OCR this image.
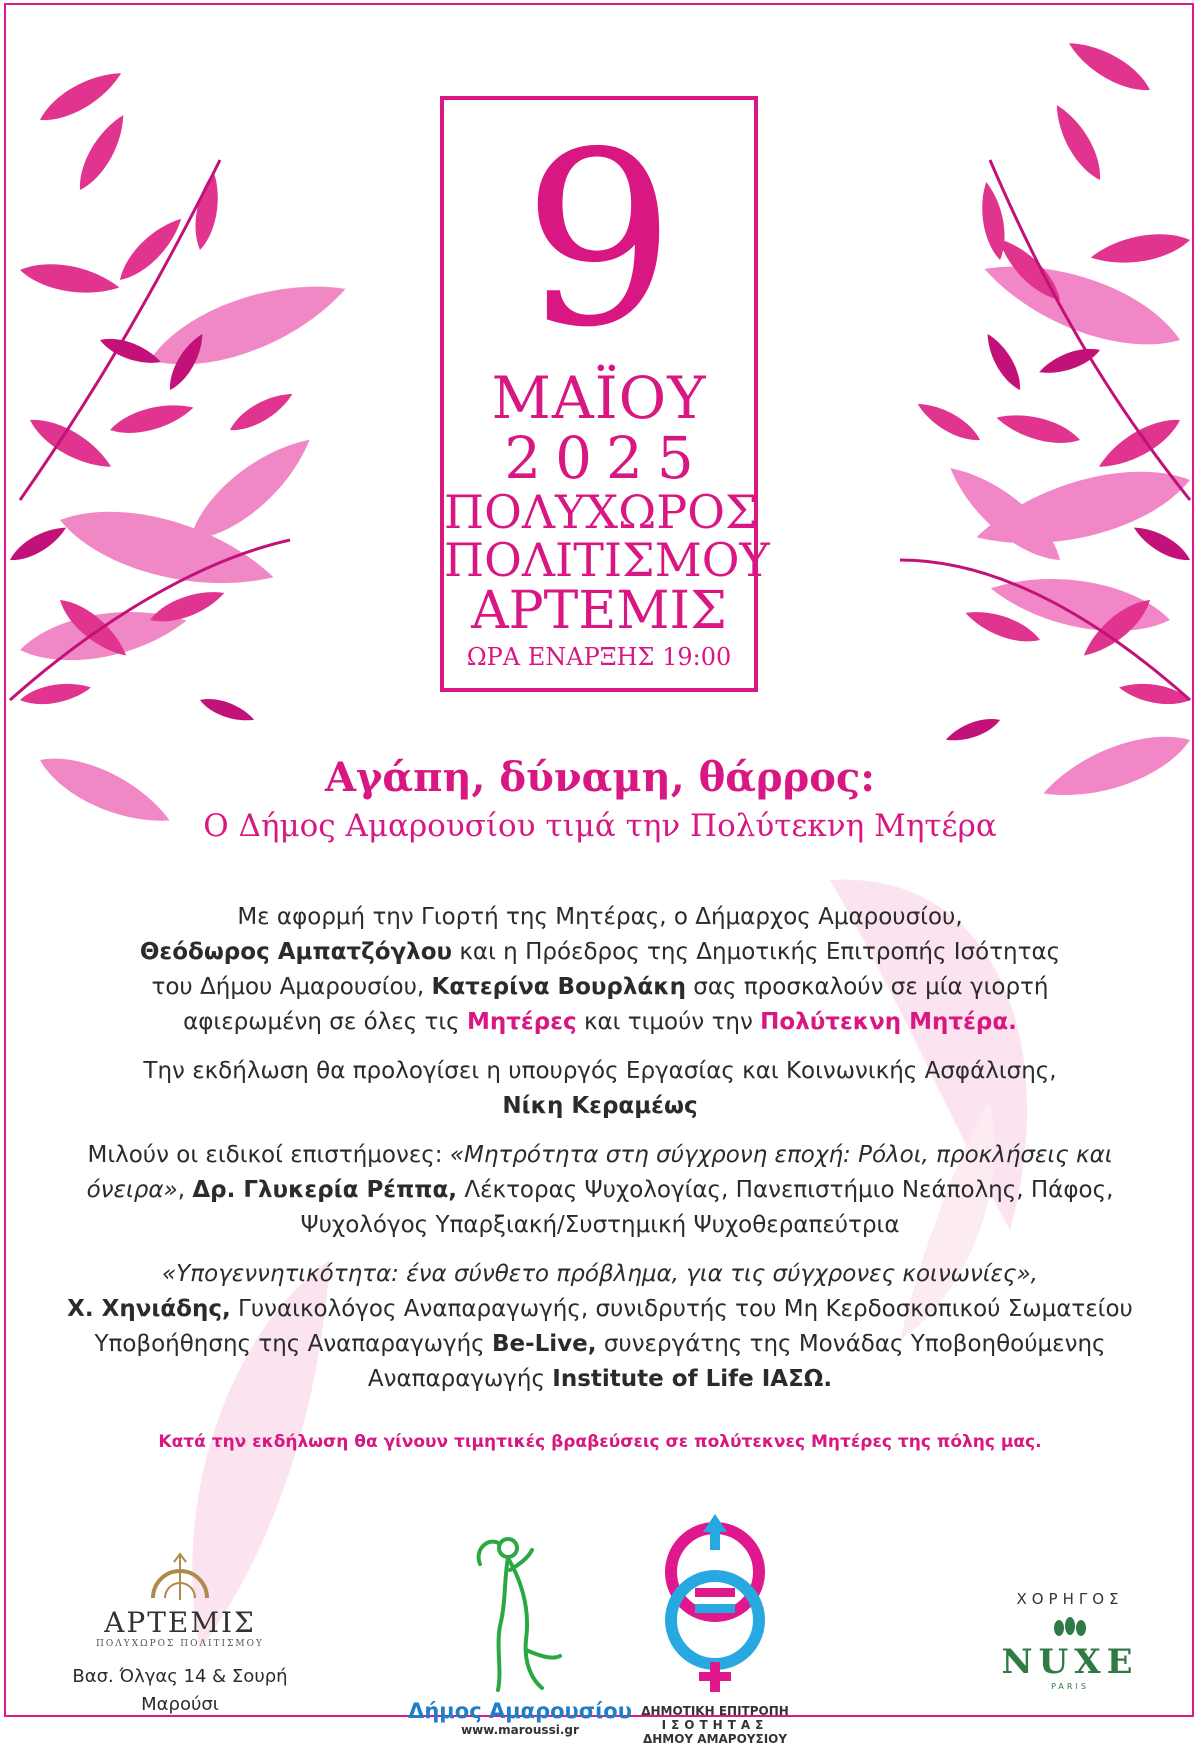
9
ΜΑΪΟΥ
2025
ΠΟΛΥΧΩΡΟΣ
ΠΟΛΙΤΙΣΜΟΥ
ΑΡΤΕΜΙΣ
ΩΡΑ ΕΝΑΡΞΗΣ 19:00
Αγάπη, δύναμη, θάρρος:
Ο Δήμος Αμαρουσίου τιμά την Πολύτεκνη Μητέρα

Με αφορμή την Γιορτή της Μητέρας, ο Δήμαρχος Αμαρουσίου,
Θεόδωρος Αμπατζόγλου και η Πρόεδρος της Δημοτικής Επιτροπής Ισότητας
του Δήμου Αμαρουσίου, Κατερίνα Βουρλάκη σας προσκαλούν σε μία γιορτή
αφιερωμένη σε όλες τις Μητέρες και τιμούν την Πολύτεκνη Μητέρα.

Την εκδήλωση θα προλογίσει η υπουργός Εργασίας και Κοινωνικής Ασφάλισης,
Νίκη Κεραμέως

Μιλούν οι ειδικοί επιστήμονες: «Μητρότητα στη σύγχρονη εποχή: Ρόλοι, προκλήσεις και όνειρα», Δρ. Γλυκερία Ρέππα, Λέκτορας Ψυχολογίας, Πανεπιστήμιο Νεάπολης, Πάφος, Ψυχολόγος Υπαρξιακή/Συστημική Ψυχοθεραπεύτρια

«Υπογεννητικότητα: ένα σύνθετο πρόβλημα, για τις σύγχρονες κοινωνίες»,
Χ. Χηνιάδης, Γυναικολόγος Αναπαραγωγής, συνιδρυτής του Μη Κερδοσκοπικού Σωματείου Υποβοήθησης της Αναπαραγωγής Be-Live, συνεργάτης της Μονάδας Υποβοηθούμενης Αναπαραγωγής Institute of Life ΙΑΣΩ.

Κατά την εκδήλωση θα γίνουν τιμητικές βραβεύσεις σε πολύτεκνες Μητέρες της πόλης μας.
ΑΡΤΕΜΙΣ
ΠΟΛΥΧΩΡΟΣ ΠΟΛΙΤΙΣΜΟΥ
Βασ. Όλγας 14 & Σουρή
Μαρούσι	Δήμος Αμαρουσίου
www.maroussi.gr
ΔΗΜΟΤΙΚΗ ΕΠΙΤΡΟΠΗ
ΙΣΟΤΗΤΑΣ
ΔΗΜΟΥ ΑΜΑΡΟΥΣΙΟΥ
ΧΟΡΗΓΟΣ
NUXE
PARIS
